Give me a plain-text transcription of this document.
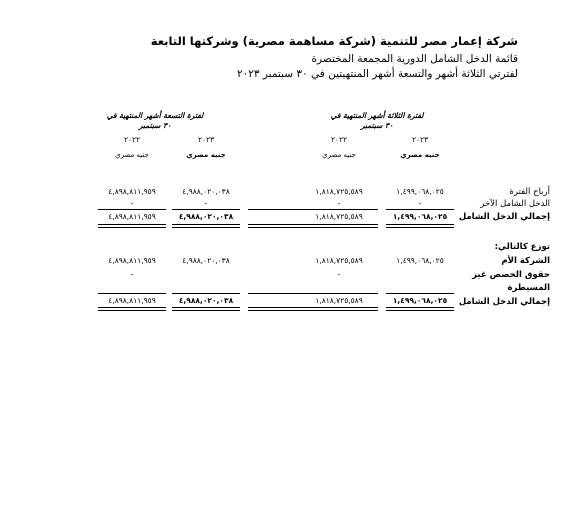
شركة إعمار مصر للتنمية (شركة مساهمة مصرية) وشركتها التابعة
قائمة الدخل الشامل الدورية المجمعة المختصرة
لفترتي الثلاثة أشهر والتسعة أشهر المنتهيتين في ٣٠ سبتمبر ٢٠٢٣
لفترة الثلاثة أشهر المنتهية في
٣٠ سبتمبر
لفترة التسعة أشهر المنتهية في
٣٠ سبتمبر
٢٠٢٣
٢٠٢٢
٢٠٢٣
٢٠٢٢
جنيه مصري
جنيه مصري
جنيه مصري
جنيه مصري
أرباح الفترة
١,٤٩٩,٠٦٨,٠٢٥
١,٨١٨,٧٢٥,٥٨٩
٤,٩٨٨,٠٢٠,٠٣٨
٤,٨٩٨,٨١١,٩٥٩
الدخل الشامل الآخر
-
-
-
-
إجمالي الدخل الشامل
١,٤٩٩,٠٦٨,٠٢٥
١,٨١٨,٧٢٥,٥٨٩
٤,٩٨٨,٠٢٠,٠٣٨
٤,٨٩٨,٨١١,٩٥٩
توزع كالتالي:
الشركة الأم
١,٤٩٩,٠٦٨,٠٢٥
١,٨١٨,٧٢٥,٥٨٩
٤,٩٨٨,٠٢٠,٠٣٨
٤,٨٩٨,٨١١,٩٥٩
حقوق الحصص غير
-
-
المسيطرة
إجمالي الدخل الشامل
١,٤٩٩,٠٦٨,٠٢٥
١,٨١٨,٧٢٥,٥٨٩
٤,٩٨٨,٠٢٠,٠٣٨
٤,٨٩٨,٨١١,٩٥٩
